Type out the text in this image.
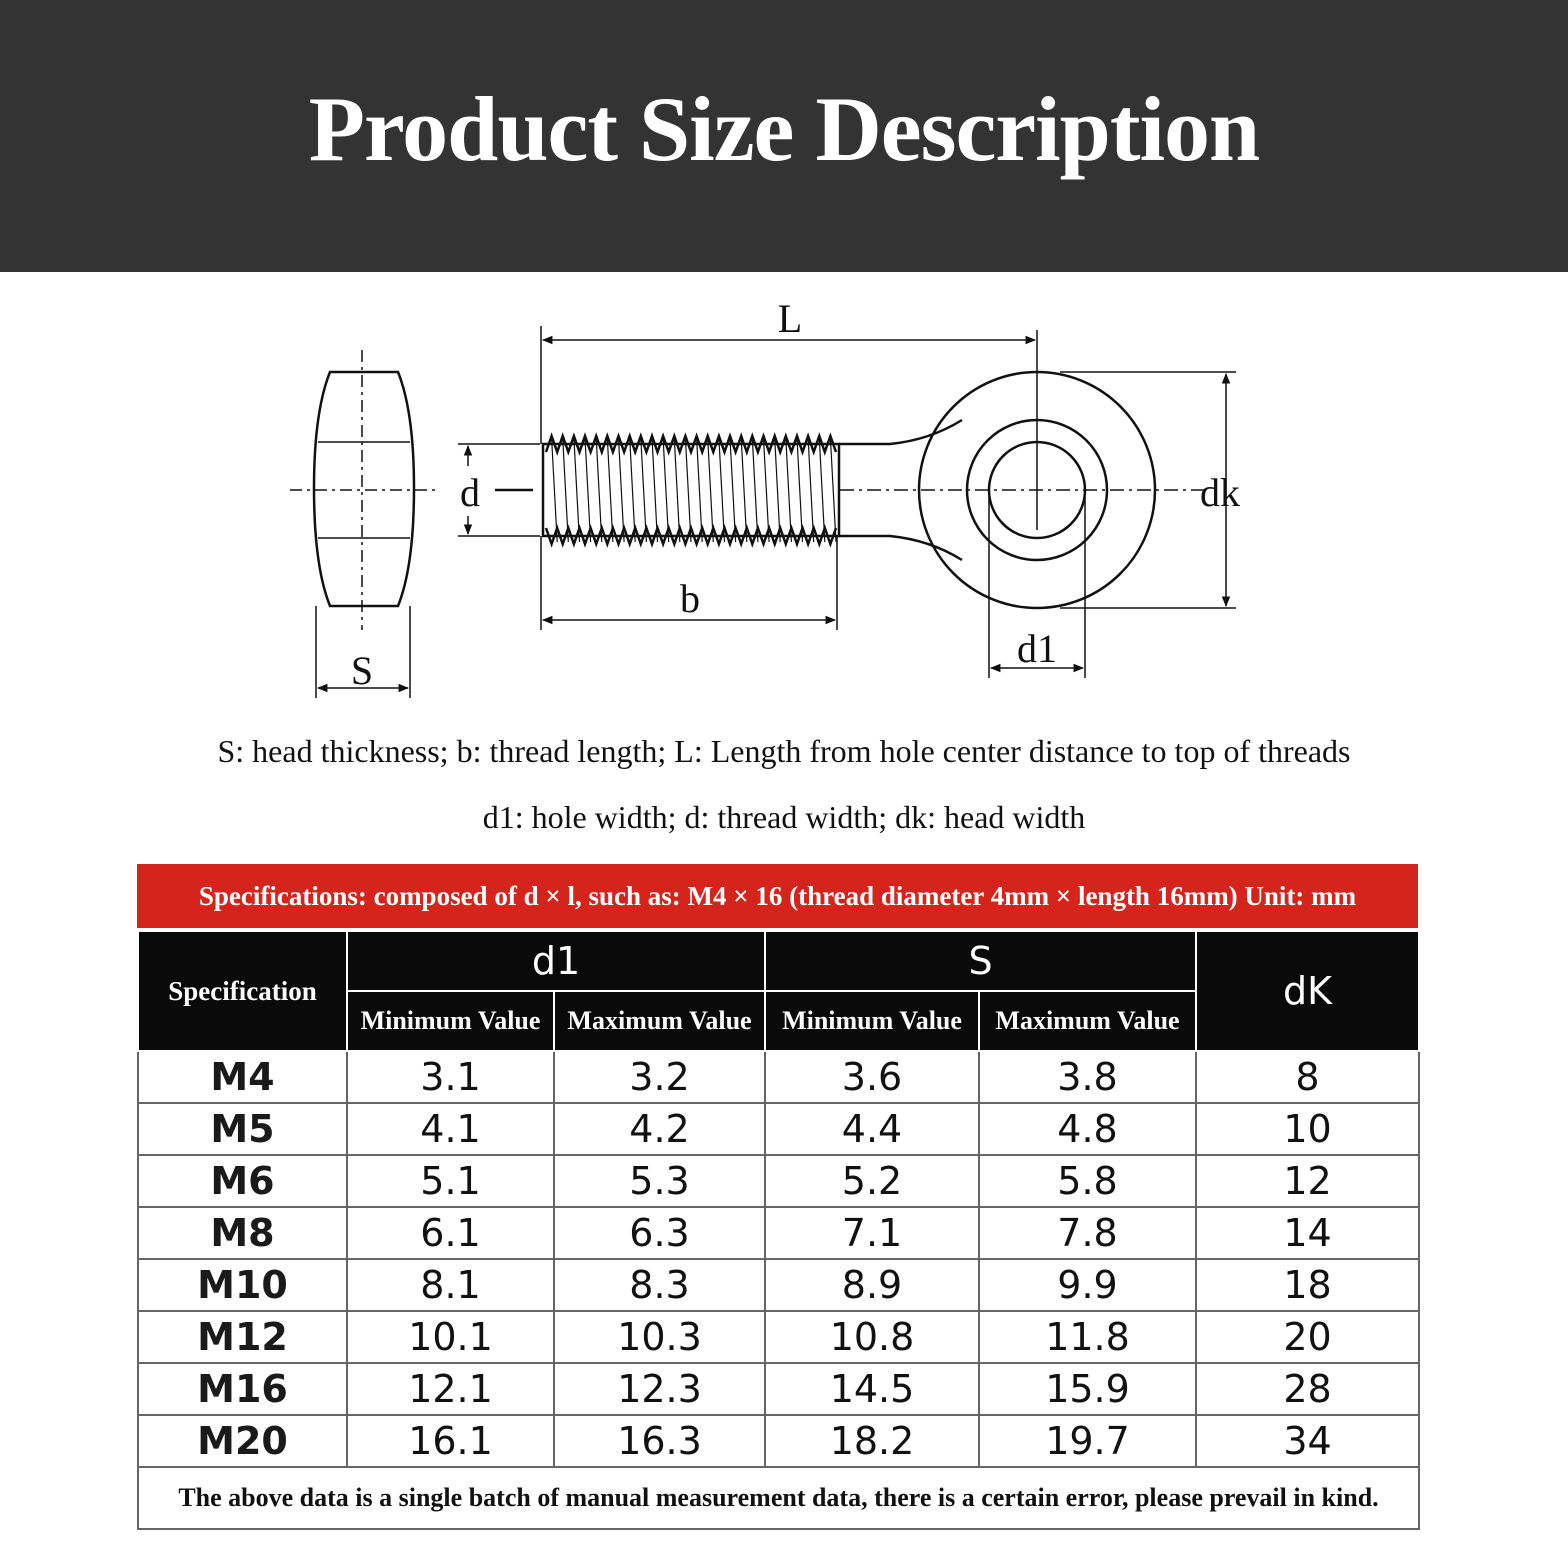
Product Size Description
S
d
L
b
dk
d1
S: head thickness; b: thread length; L: Length from hole center distance to top of threads
d1: hole width; d: thread width; dk: head width
Specifications: composed of d × l, such as: M4 × 16 (thread diameter 4mm × length 16mm) Unit: mm
Specification	d1		S		dK
	Minimum Value	Maximum Value	Minimum Value	Maximum Value	
M4	3.1	3.2	3.6	3.8	8
M5	4.1	4.2	4.4	4.8	10
M6	5.1	5.3	5.2	5.8	12
M8	6.1	6.3	7.1	7.8	14
M10	8.1	8.3	8.9	9.9	18
M12	10.1	10.3	10.8	11.8	20
M16	12.1	12.3	14.5	15.9	28
M20	16.1	16.3	18.2	19.7	34
The above data is a single batch of manual measurement data, there is a certain error, please prevail in kind.					
